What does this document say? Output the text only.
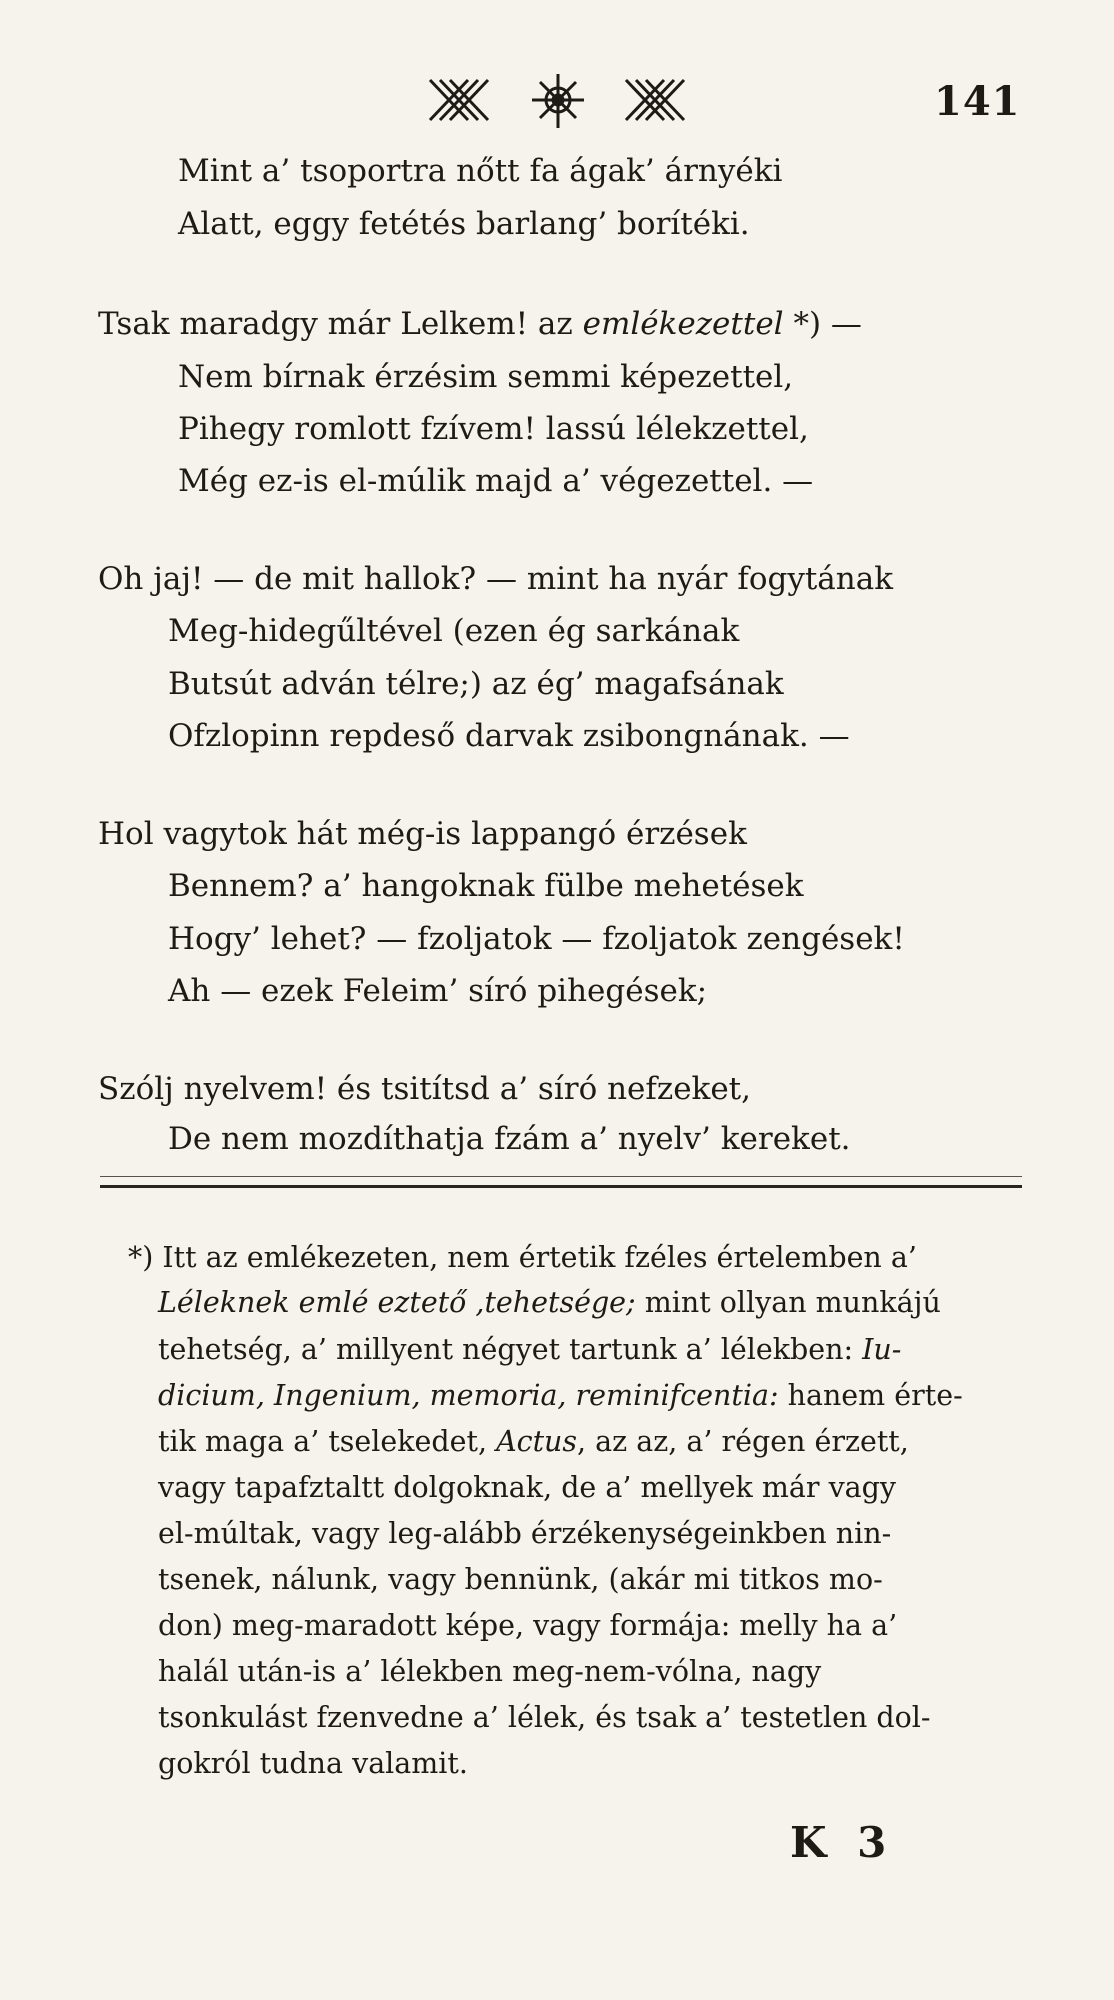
141
Mint a’ tsoportra nőtt fa ágak’ árnyéki
Alatt, eggy fetétés barlang’ borítéki.
Tsak maradgy már Lelkem! az emlékezettel *) —
Nem bírnak érzésim semmi képezettel,
Pihegy romlott fzívem! lassú lélekzettel,
Még ez-is el-múlik majd a’ végezettel. —
Oh jaj! — de mit hallok? — mint ha nyár fogytának
Meg-hidegűltével (ezen ég sarkának
Butsút adván télre;) az ég’ magafsának
Ofzlopinn repdeső darvak zsibongnának. —
Hol vagytok hát még-is lappangó érzések
Bennem? a’ hangoknak fülbe mehetések
Hogy’ lehet? — fzoljatok — fzoljatok zengések!
Ah — ezek Feleim’ síró pihegések;
Szólj nyelvem! és tsitítsd a’ síró nefzeket,
De nem mozdíthatja fzám a’ nyelv’ kereket.
*) Itt az emlékezeten, nem értetik fzéles értelemben a’
Léleknek emlé eztető ,tehetsége; mint ollyan munkájú
tehetség, a’ millyent négyet tartunk a’ lélekben: Iu-
dicium, Ingenium, memoria, reminifcentia: hanem érte-
tik maga a’ tselekedet, Actus, az az, a’ régen érzett,
vagy tapafztaltt dolgoknak, de a’ mellyek már vagy
el-múltak, vagy leg-alább érzékenységeinkben nin-
tsenek, nálunk, vagy bennünk, (akár mi titkos mo-
don) meg-maradott képe, vagy formája: melly ha a’
halál után-is a’ lélekben meg-nem-vólna, nagy
tsonkulást fzenvedne a’ lélek, és tsak a’ testetlen dol-
gokról tudna valamit.
K 3
